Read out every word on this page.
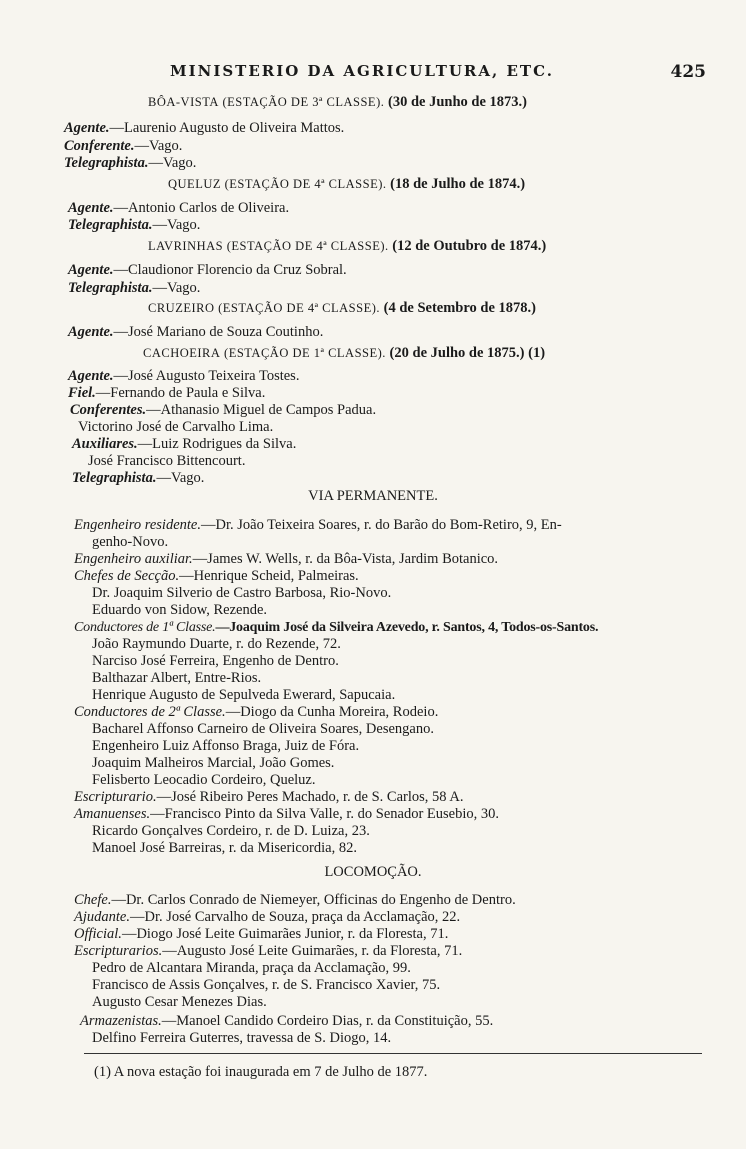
MINISTERIO DA AGRICULTURA, ETC.	425
BÔA-VISTA (ESTAÇÃO DE 3ª CLASSE). (30 de Junho de 1873.)
Agente.—Laurenio Augusto de Oliveira Mattos.
Conferente.—Vago.
Telegraphista.—Vago.
QUELUZ (ESTAÇÃO DE 4ª CLASSE). (18 de Julho de 1874.)
Agente.—Antonio Carlos de Oliveira.
Telegraphista.—Vago.
LAVRINHAS (ESTAÇÃO DE 4ª CLASSE). (12 de Outubro de 1874.)
Agente.—Claudionor Florencio da Cruz Sobral.
Telegraphista.—Vago.
CRUZEIRO (ESTAÇÃO DE 4ª CLASSE). (4 de Setembro de 1878.)
Agente.—José Mariano de Souza Coutinho.
CACHOEIRA (ESTAÇÃO DE 1ª CLASSE). (20 de Julho de 1875.) (1)
Agente.—José Augusto Teixeira Tostes.
Fiel.—Fernando de Paula e Silva.
Conferentes.—Athanasio Miguel de Campos Padua.
Victorino José de Carvalho Lima.
Auxiliares.—Luiz Rodrigues da Silva.
José Francisco Bittencourt.
Telegraphista.—Vago.
VIA PERMANENTE.
Engenheiro residente.—Dr. João Teixeira Soares, r. do Barão do Bom-Retiro, 9, En-
genho-Novo.
Engenheiro auxiliar.—James W. Wells, r. da Bôa-Vista, Jardim Botanico.
Chefes de Secção.—Henrique Scheid, Palmeiras.
Dr. Joaquim Silverio de Castro Barbosa, Rio-Novo.
Eduardo von Sidow, Rezende.
Conductores de 1ª Classe.—Joaquim José da Silveira Azevedo, r. Santos, 4, Todos-os-Santos.
João Raymundo Duarte, r. do Rezende, 72.
Narciso José Ferreira, Engenho de Dentro.
Balthazar Albert, Entre-Rios.
Henrique Augusto de Sepulveda Ewerard, Sapucaia.
Conductores de 2ª Classe.—Diogo da Cunha Moreira, Rodeio.
Bacharel Affonso Carneiro de Oliveira Soares, Desengano.
Engenheiro Luiz Affonso Braga, Juiz de Fóra.
Joaquim Malheiros Marcial, João Gomes.
Felisberto Leocadio Cordeiro, Queluz.
Escripturario.—José Ribeiro Peres Machado, r. de S. Carlos, 58 A.
Amanuenses.—Francisco Pinto da Silva Valle, r. do Senador Eusebio, 30.
Ricardo Gonçalves Cordeiro, r. de D. Luiza, 23.
Manoel José Barreiras, r. da Misericordia, 82.
LOCOMOÇÃO.
Chefe.—Dr. Carlos Conrado de Niemeyer, Officinas do Engenho de Dentro.
Ajudante.—Dr. José Carvalho de Souza, praça da Acclamação, 22.
Official.—Diogo José Leite Guimarães Junior, r. da Floresta, 71.
Escripturarios.—Augusto José Leite Guimarães, r. da Floresta, 71.
Pedro de Alcantara Miranda, praça da Acclamação, 99.
Francisco de Assis Gonçalves, r. de S. Francisco Xavier, 75.
Augusto Cesar Menezes Dias.
Armazenistas.—Manoel Candido Cordeiro Dias, r. da Constituição, 55.
Delfino Ferreira Guterres, travessa de S. Diogo, 14.
(1) A nova estação foi inaugurada em 7 de Julho de 1877.
